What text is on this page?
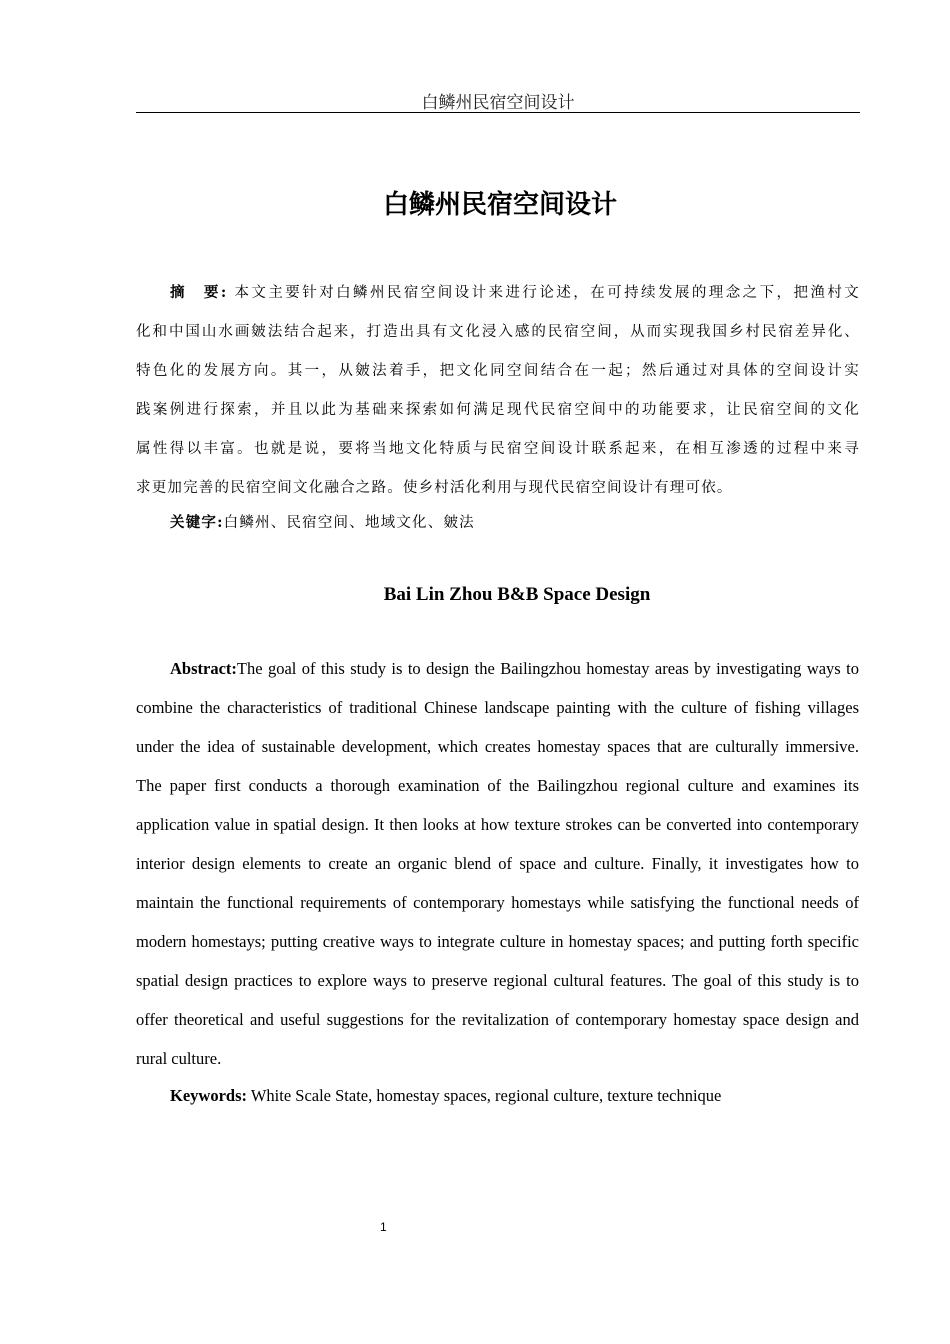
白鳞州民宿空间设计
白鳞州民宿空间设计
摘　要: 本文主要针对白鳞州民宿空间设计来进行论述，在可持续发展的理念之下，把渔村文
化和中国山水画皴法结合起来，打造出具有文化浸入感的民宿空间，从而实现我国乡村民宿差异化、
特色化的发展方向。其一，从皴法着手，把文化同空间结合在一起；然后通过对具体的空间设计实
践案例进行探索，并且以此为基础来探索如何满足现代民宿空间中的功能要求，让民宿空间的文化
属性得以丰富。也就是说，要将当地文化特质与民宿空间设计联系起来，在相互渗透的过程中来寻
求更加完善的民宿空间文化融合之路。使乡村活化利用与现代民宿空间设计有理可依。
关键字:白鳞州、民宿空间、地域文化、皴法
Bai Lin Zhou B&B Space Design
Abstract:The goal of this study is to design the Bailingzhou homestay areas by investigating ways to
combine the characteristics of traditional Chinese landscape painting with the culture of fishing villages
under the idea of sustainable development, which creates homestay spaces that are culturally immersive.
The paper first conducts a thorough examination of the Bailingzhou regional culture and examines its
application value in spatial design. It then looks at how texture strokes can be converted into contemporary
interior design elements to create an organic blend of space and culture. Finally, it investigates how to
maintain the functional requirements of contemporary homestays while satisfying the functional needs of
modern homestays; putting creative ways to integrate culture in homestay spaces; and putting forth specific
spatial design practices to explore ways to preserve regional cultural features. The goal of this study is to
offer theoretical and useful suggestions for the revitalization of contemporary homestay space design and
rural culture.
Keywords: White Scale State, homestay spaces, regional culture, texture technique
1
